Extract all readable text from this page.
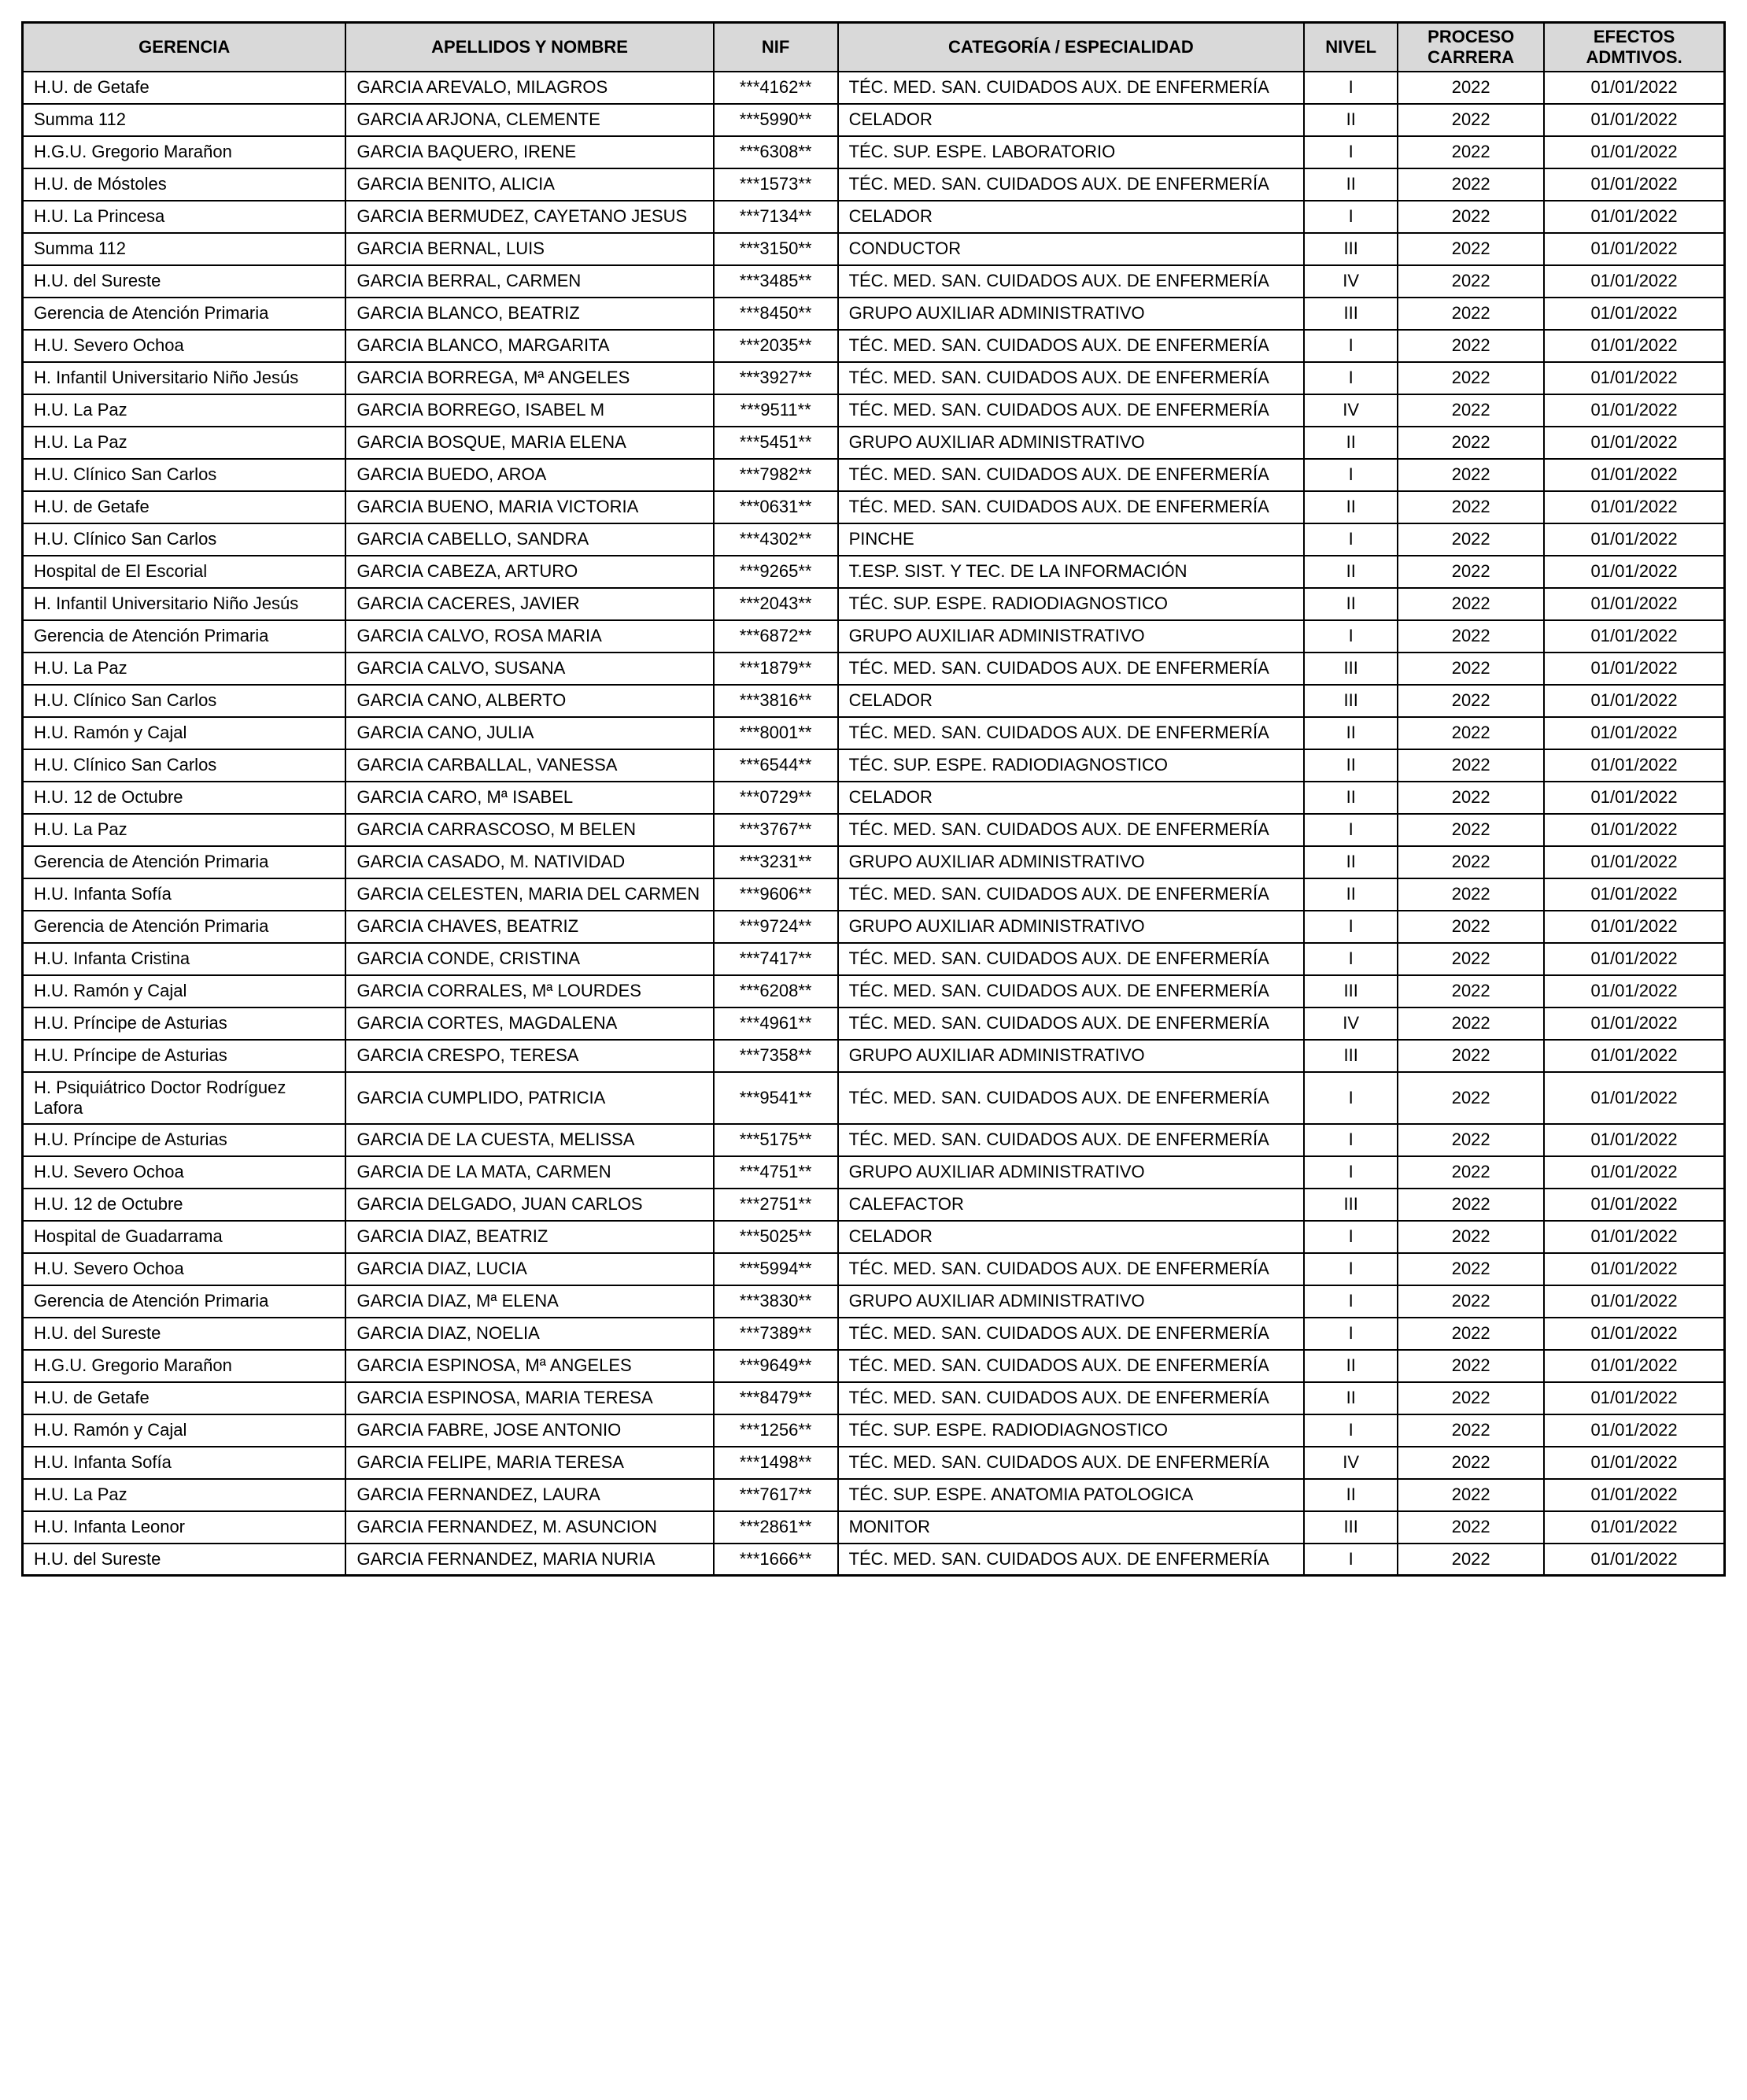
GERENCIA	APELLIDOS Y NOMBRE	NIF	CATEGORÍA / ESPECIALIDAD	NIVEL	PROCESO CARRERA	EFECTOS ADMTIVOS.
H.U. de Getafe	GARCIA AREVALO, MILAGROS	***4162**	TÉC. MED. SAN. CUIDADOS AUX. DE ENFERMERÍA	I	2022	01/01/2022
Summa 112	GARCIA ARJONA, CLEMENTE	***5990**	CELADOR	II	2022	01/01/2022
H.G.U. Gregorio Marañon	GARCIA BAQUERO, IRENE	***6308**	TÉC. SUP. ESPE. LABORATORIO	I	2022	01/01/2022
H.U. de Móstoles	GARCIA BENITO, ALICIA	***1573**	TÉC. MED. SAN. CUIDADOS AUX. DE ENFERMERÍA	II	2022	01/01/2022
H.U. La Princesa	GARCIA BERMUDEZ, CAYETANO JESUS	***7134**	CELADOR	I	2022	01/01/2022
Summa 112	GARCIA BERNAL, LUIS	***3150**	CONDUCTOR	III	2022	01/01/2022
H.U. del Sureste	GARCIA BERRAL, CARMEN	***3485**	TÉC. MED. SAN. CUIDADOS AUX. DE ENFERMERÍA	IV	2022	01/01/2022
Gerencia de Atención Primaria	GARCIA BLANCO, BEATRIZ	***8450**	GRUPO AUXILIAR ADMINISTRATIVO	III	2022	01/01/2022
H.U. Severo Ochoa	GARCIA BLANCO, MARGARITA	***2035**	TÉC. MED. SAN. CUIDADOS AUX. DE ENFERMERÍA	I	2022	01/01/2022
H. Infantil Universitario Niño Jesús	GARCIA BORREGA, Mª ANGELES	***3927**	TÉC. MED. SAN. CUIDADOS AUX. DE ENFERMERÍA	I	2022	01/01/2022
H.U. La Paz	GARCIA BORREGO, ISABEL M	***9511**	TÉC. MED. SAN. CUIDADOS AUX. DE ENFERMERÍA	IV	2022	01/01/2022
H.U. La Paz	GARCIA BOSQUE, MARIA ELENA	***5451**	GRUPO AUXILIAR ADMINISTRATIVO	II	2022	01/01/2022
H.U. Clínico San Carlos	GARCIA BUEDO, AROA	***7982**	TÉC. MED. SAN. CUIDADOS AUX. DE ENFERMERÍA	I	2022	01/01/2022
H.U. de Getafe	GARCIA BUENO, MARIA VICTORIA	***0631**	TÉC. MED. SAN. CUIDADOS AUX. DE ENFERMERÍA	II	2022	01/01/2022
H.U. Clínico San Carlos	GARCIA CABELLO, SANDRA	***4302**	PINCHE	I	2022	01/01/2022
Hospital de El Escorial	GARCIA CABEZA, ARTURO	***9265**	T.ESP. SIST. Y TEC. DE LA INFORMACIÓN	II	2022	01/01/2022
H. Infantil Universitario Niño Jesús	GARCIA CACERES, JAVIER	***2043**	TÉC. SUP. ESPE. RADIODIAGNOSTICO	II	2022	01/01/2022
Gerencia de Atención Primaria	GARCIA CALVO, ROSA MARIA	***6872**	GRUPO AUXILIAR ADMINISTRATIVO	I	2022	01/01/2022
H.U. La Paz	GARCIA CALVO, SUSANA	***1879**	TÉC. MED. SAN. CUIDADOS AUX. DE ENFERMERÍA	III	2022	01/01/2022
H.U. Clínico San Carlos	GARCIA CANO, ALBERTO	***3816**	CELADOR	III	2022	01/01/2022
H.U. Ramón y Cajal	GARCIA CANO, JULIA	***8001**	TÉC. MED. SAN. CUIDADOS AUX. DE ENFERMERÍA	II	2022	01/01/2022
H.U. Clínico San Carlos	GARCIA CARBALLAL, VANESSA	***6544**	TÉC. SUP. ESPE. RADIODIAGNOSTICO	II	2022	01/01/2022
H.U. 12 de Octubre	GARCIA CARO, Mª ISABEL	***0729**	CELADOR	II	2022	01/01/2022
H.U. La Paz	GARCIA CARRASCOSO, M BELEN	***3767**	TÉC. MED. SAN. CUIDADOS AUX. DE ENFERMERÍA	I	2022	01/01/2022
Gerencia de Atención Primaria	GARCIA CASADO, M. NATIVIDAD	***3231**	GRUPO AUXILIAR ADMINISTRATIVO	II	2022	01/01/2022
H.U. Infanta Sofía	GARCIA CELESTEN, MARIA DEL CARMEN	***9606**	TÉC. MED. SAN. CUIDADOS AUX. DE ENFERMERÍA	II	2022	01/01/2022
Gerencia de Atención Primaria	GARCIA CHAVES, BEATRIZ	***9724**	GRUPO AUXILIAR ADMINISTRATIVO	I	2022	01/01/2022
H.U. Infanta Cristina	GARCIA CONDE, CRISTINA	***7417**	TÉC. MED. SAN. CUIDADOS AUX. DE ENFERMERÍA	I	2022	01/01/2022
H.U. Ramón y Cajal	GARCIA CORRALES, Mª LOURDES	***6208**	TÉC. MED. SAN. CUIDADOS AUX. DE ENFERMERÍA	III	2022	01/01/2022
H.U. Príncipe de Asturias	GARCIA CORTES, MAGDALENA	***4961**	TÉC. MED. SAN. CUIDADOS AUX. DE ENFERMERÍA	IV	2022	01/01/2022
H.U. Príncipe de Asturias	GARCIA CRESPO, TERESA	***7358**	GRUPO AUXILIAR ADMINISTRATIVO	III	2022	01/01/2022
H. Psiquiátrico Doctor Rodríguez Lafora	GARCIA CUMPLIDO, PATRICIA	***9541**	TÉC. MED. SAN. CUIDADOS AUX. DE ENFERMERÍA	I	2022	01/01/2022
H.U. Príncipe de Asturias	GARCIA DE LA CUESTA, MELISSA	***5175**	TÉC. MED. SAN. CUIDADOS AUX. DE ENFERMERÍA	I	2022	01/01/2022
H.U. Severo Ochoa	GARCIA DE LA MATA, CARMEN	***4751**	GRUPO AUXILIAR ADMINISTRATIVO	I	2022	01/01/2022
H.U. 12 de Octubre	GARCIA DELGADO, JUAN CARLOS	***2751**	CALEFACTOR	III	2022	01/01/2022
Hospital de Guadarrama	GARCIA DIAZ, BEATRIZ	***5025**	CELADOR	I	2022	01/01/2022
H.U. Severo Ochoa	GARCIA DIAZ, LUCIA	***5994**	TÉC. MED. SAN. CUIDADOS AUX. DE ENFERMERÍA	I	2022	01/01/2022
Gerencia de Atención Primaria	GARCIA DIAZ, Mª ELENA	***3830**	GRUPO AUXILIAR ADMINISTRATIVO	I	2022	01/01/2022
H.U. del Sureste	GARCIA DIAZ, NOELIA	***7389**	TÉC. MED. SAN. CUIDADOS AUX. DE ENFERMERÍA	I	2022	01/01/2022
H.G.U. Gregorio Marañon	GARCIA ESPINOSA, Mª ANGELES	***9649**	TÉC. MED. SAN. CUIDADOS AUX. DE ENFERMERÍA	II	2022	01/01/2022
H.U. de Getafe	GARCIA ESPINOSA, MARIA TERESA	***8479**	TÉC. MED. SAN. CUIDADOS AUX. DE ENFERMERÍA	II	2022	01/01/2022
H.U. Ramón y Cajal	GARCIA FABRE, JOSE ANTONIO	***1256**	TÉC. SUP. ESPE. RADIODIAGNOSTICO	I	2022	01/01/2022
H.U. Infanta Sofía	GARCIA FELIPE, MARIA TERESA	***1498**	TÉC. MED. SAN. CUIDADOS AUX. DE ENFERMERÍA	IV	2022	01/01/2022
H.U. La Paz	GARCIA FERNANDEZ, LAURA	***7617**	TÉC. SUP. ESPE. ANATOMIA PATOLOGICA	II	2022	01/01/2022
H.U. Infanta Leonor	GARCIA FERNANDEZ, M. ASUNCION	***2861**	MONITOR	III	2022	01/01/2022
H.U. del Sureste	GARCIA FERNANDEZ, MARIA NURIA	***1666**	TÉC. MED. SAN. CUIDADOS AUX. DE ENFERMERÍA	I	2022	01/01/2022
